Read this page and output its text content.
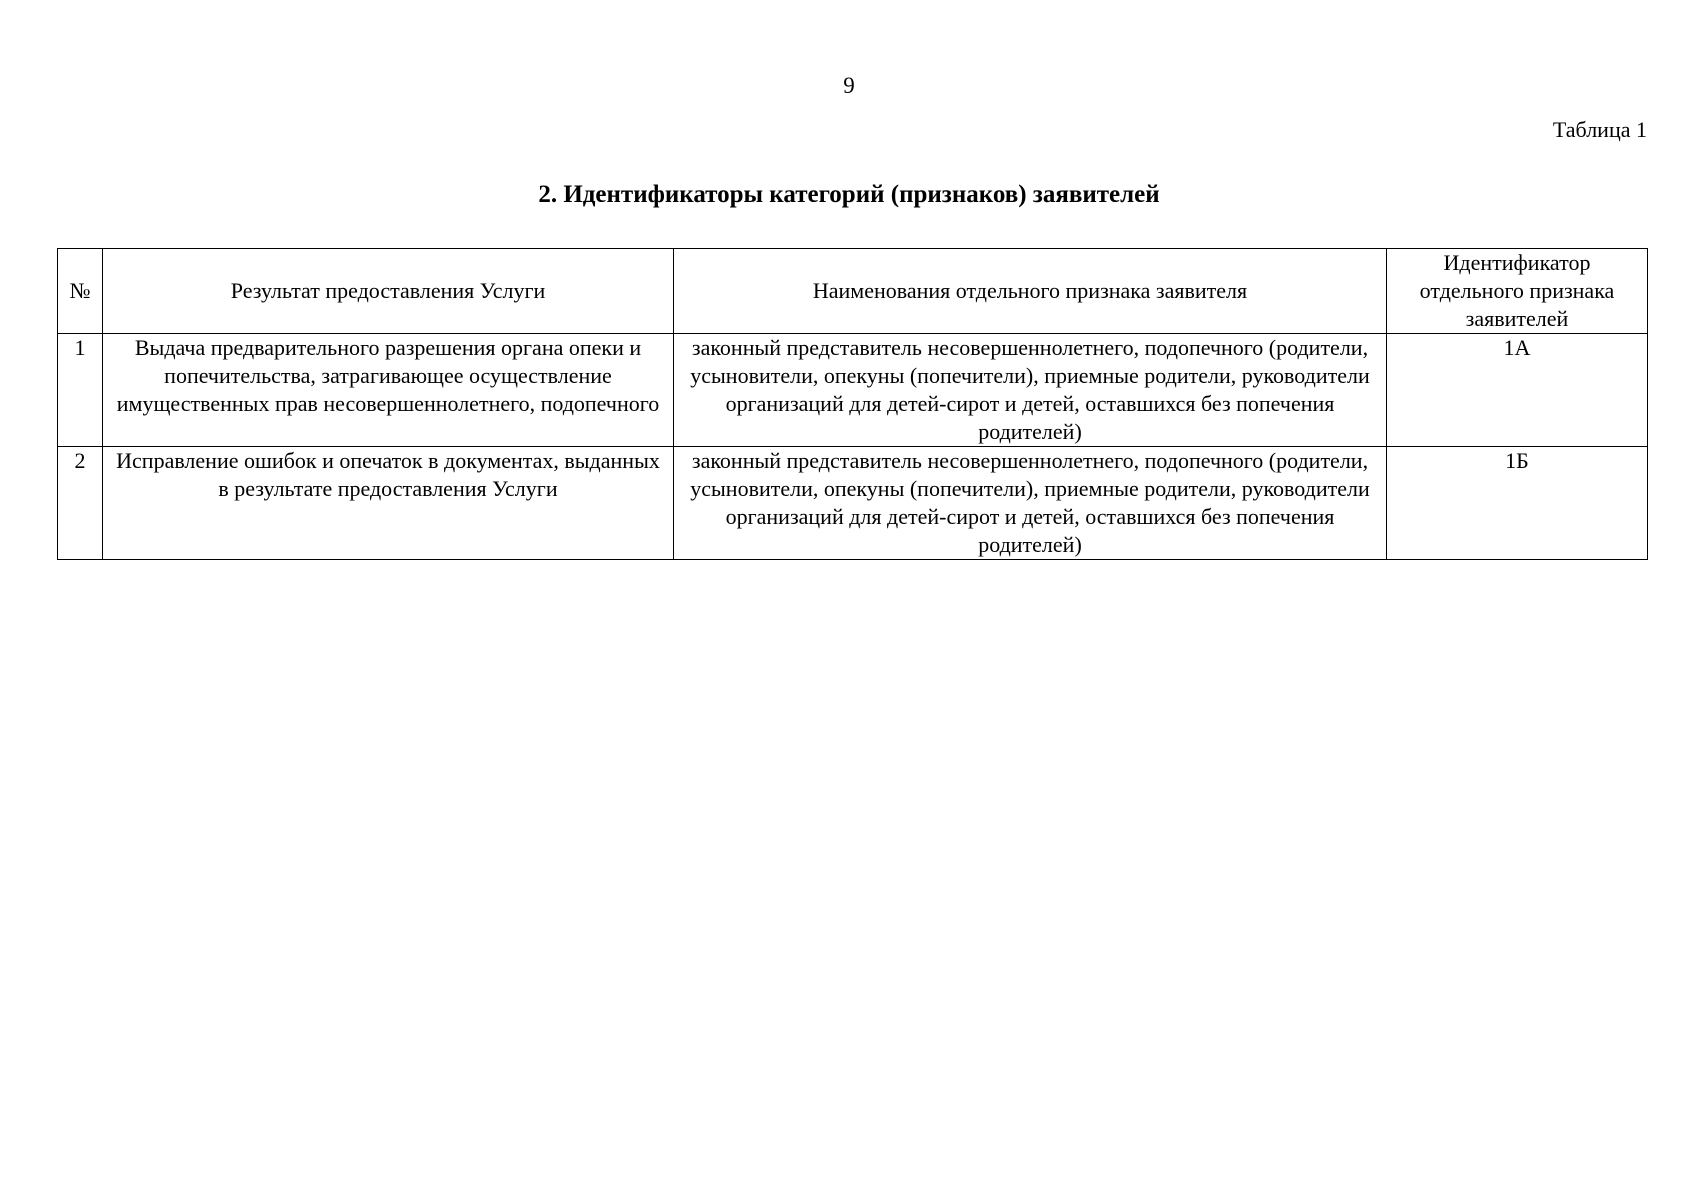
9
Таблица 1
2. Идентификаторы категорий (признаков) заявителей
№	Результат предоставления Услуги	Наименования отдельного признака заявителя	Идентификатор отдельного признака заявителей
1	Выдача предварительного разрешения органа опеки и попечительства, затрагивающее осуществление имущественных прав несовершеннолетнего, подопечного	законный представитель несовершеннолетнего, подопечного (родители, усыновители, опекуны (попечители), приемные родители, руководители организаций для детей-сирот и детей, оставшихся без попечения родителей)	1А
2	Исправление ошибок и опечаток в документах, выданных в результате предоставления Услуги	законный представитель несовершеннолетнего, подопечного (родители, усыновители, опекуны (попечители), приемные родители, руководители организаций для детей-сирот и детей, оставшихся без попечения родителей)	1Б
